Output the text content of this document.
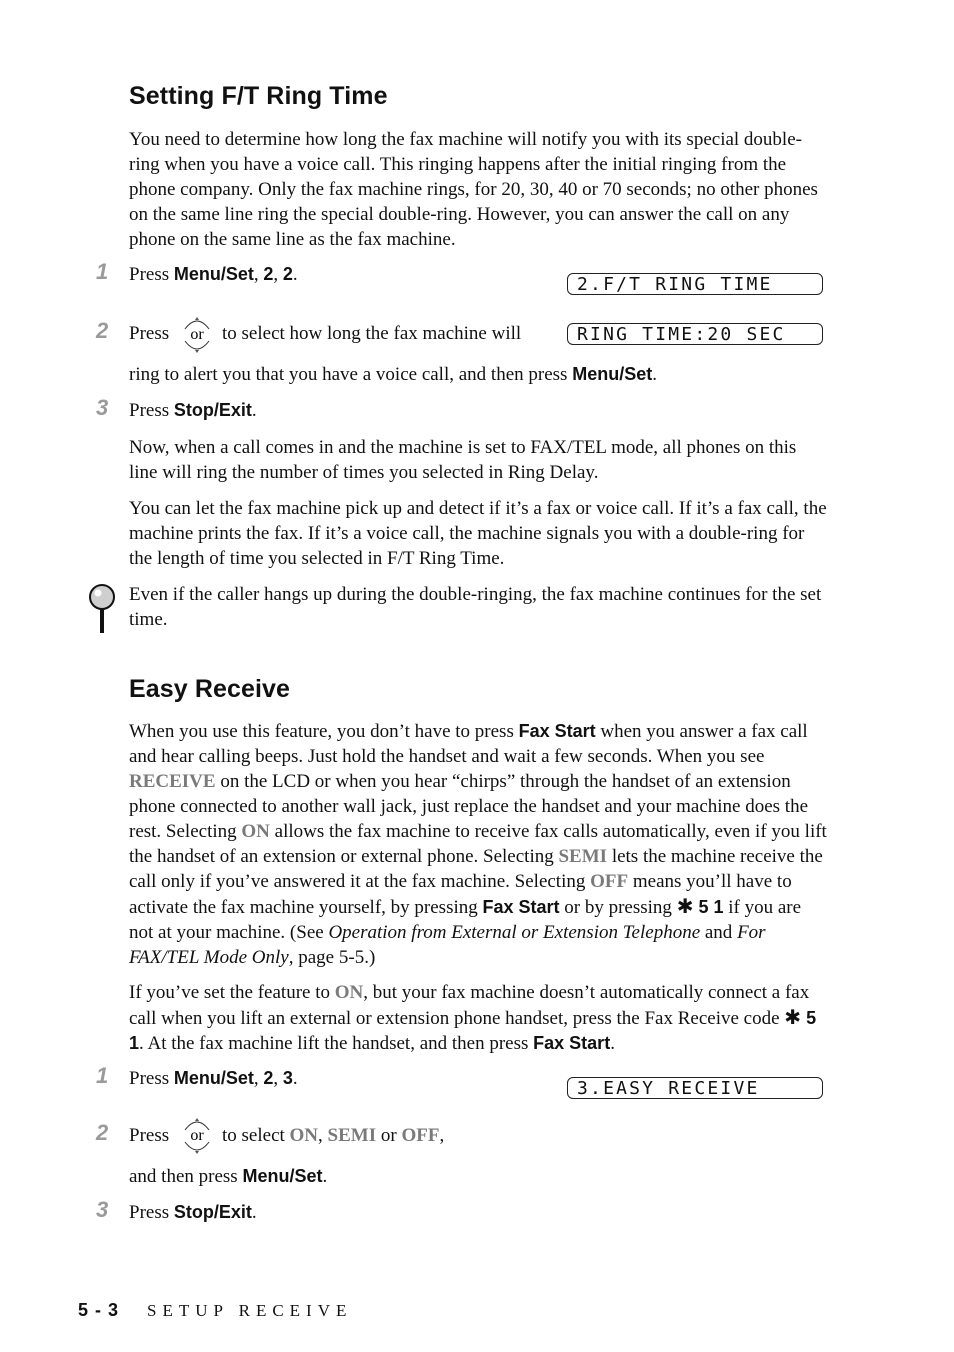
Setting F/T Ring Time

You need to determine how long the fax machine will notify you with its special double-ring when you have a voice call. This ringing happens after the initial ringing from the phone company. Only the fax machine rings, for 20, 30, 40 or 70 seconds; no other phones on the same line ring the special double-ring. However, you can answer the call on any phone on the same line as the fax machine.

1 Press Menu/Set, 2, 2.	2.F/T RING TIME
2 Press or to select how long the fax machine will	RING TIME:20 SEC
ring to alert you that you have a voice call, and then press Menu/Set.
3 Press Stop/Exit.

Now, when a call comes in and the machine is set to FAX/TEL mode, all phones on this line will ring the number of times you selected in Ring Delay.

You can let the fax machine pick up and detect if it’s a fax or voice call. If it’s a fax call, the machine prints the fax. If it’s a voice call, the machine signals you with a double-ring for the length of time you selected in F/T Ring Time.

Even if the caller hangs up during the double-ringing, the fax machine continues for the set time.

Easy Receive

When you use this feature, you don’t have to press Fax Start when you answer a fax call and hear calling beeps. Just hold the handset and wait a few seconds. When you see RECEIVE on the LCD or when you hear “chirps” through the handset of an extension phone connected to another wall jack, just replace the handset and your machine does the rest. Selecting ON allows the fax machine to receive fax calls automatically, even if you lift the handset of an extension or external phone. Selecting SEMI lets the machine receive the call only if you’ve answered it at the fax machine. Selecting OFF means you’ll have to activate the fax machine yourself, by pressing Fax Start or by pressing ✱ 5 1 if you are not at your machine. (See Operation from External or Extension Telephone and For FAX/TEL Mode Only, page 5-5.)

If you’ve set the feature to ON, but your fax machine doesn’t automatically connect a fax call when you lift an external or extension phone handset, press the Fax Receive code ✱ 5 1. At the fax machine lift the handset, and then press Fax Start.

1 Press Menu/Set, 2, 3.	3.EASY RECEIVE
2 Press or to select ON, SEMI or OFF,
and then press Menu/Set.
3 Press Stop/Exit.
5 - 3 SETUP RECEIVE
